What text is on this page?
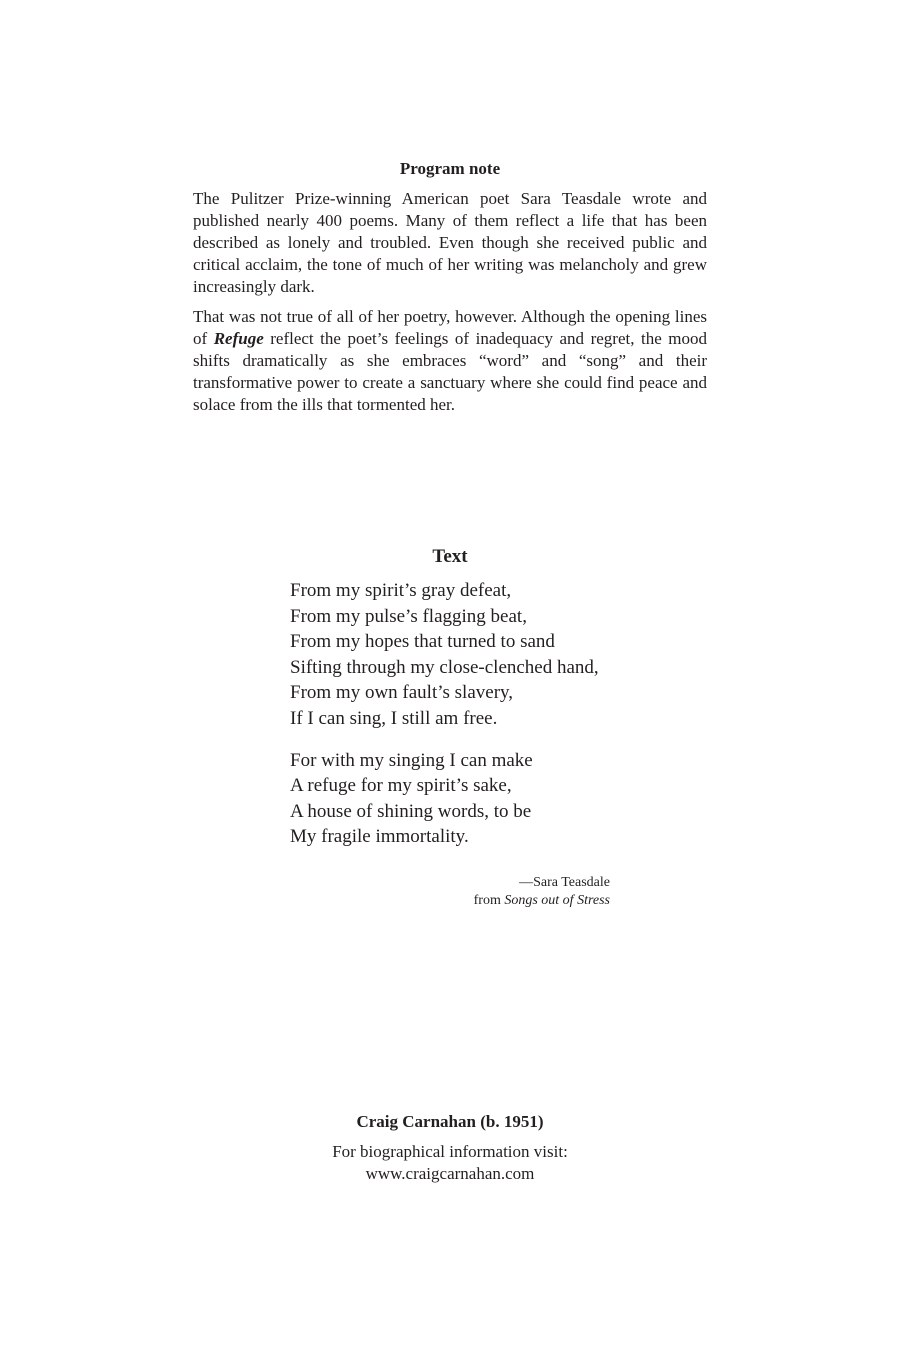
Program note

The Pulitzer Prize-winning American poet Sara Teasdale wrote and published nearly 400 poems. Many of them reflect a life that has been described as lonely and troubled. Even though she received public and critical acclaim, the tone of much of her writing was melancholy and grew increasingly dark.

That was not true of all of her poetry, however. Although the opening lines of Refuge reflect the poet’s feelings of inadequacy and regret, the mood shifts dramatically as she embraces “word” and “song” and their transformative power to create a sanctuary where she could find peace and solace from the ills that tormented her.

Text
From my spirit’s gray defeat,
From my pulse’s flagging beat,
From my hopes that turned to sand
Sifting through my close-clenched hand,
From my own fault’s slavery,
If I can sing, I still am free.
For with my singing I can make
A refuge for my spirit’s sake,
A house of shining words, to be
My fragile immortality.
—Sara Teasdale
from Songs out of Stress
Craig Carnahan (b. 1951)
For biographical information visit:
www.craigcarnahan.com
